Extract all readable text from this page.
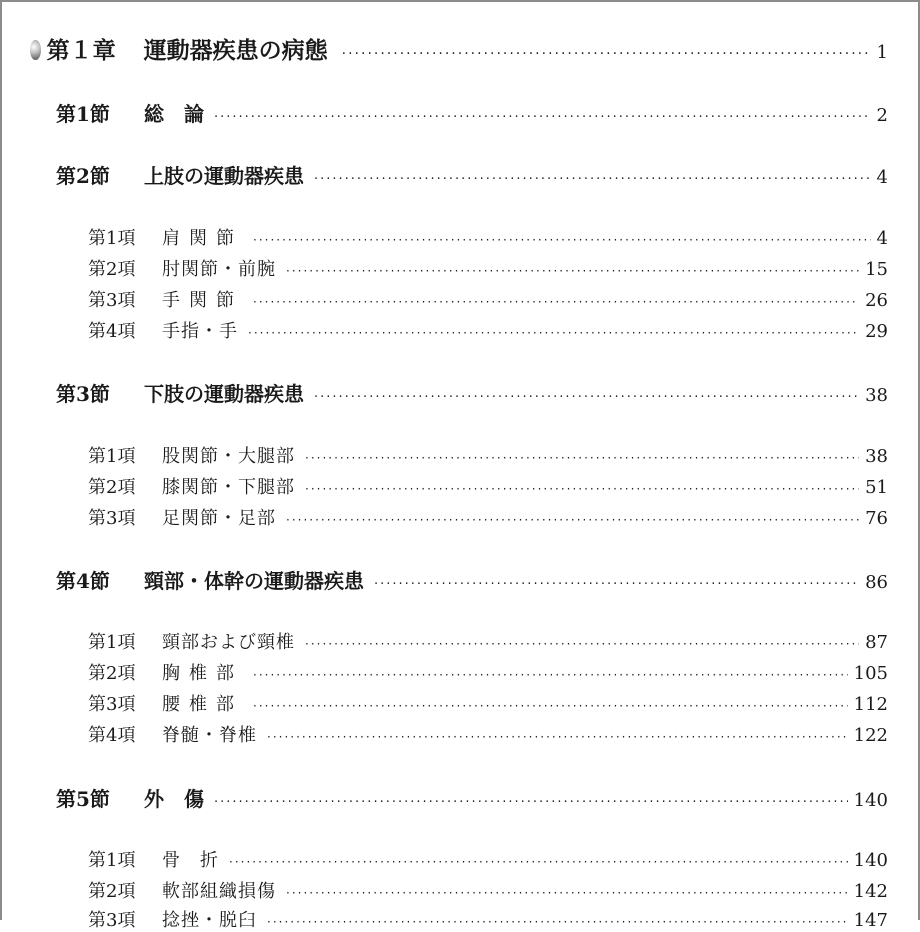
第１章 運動器疾患の病態 ·····	1
第1節 総　論 ·····	2
第2節 上肢の運動器疾患 ·····	4
第1項 肩関節 ·····	4
第2項 肘関節・前腕 ·····	15
第3項 手関節 ·····	26
第4項 手指・手 ·····	29
第3節 下肢の運動器疾患 ·····	38
第1項 股関節・大腿部 ·····	38
第2項 膝関節・下腿部 ·····	51
第3項 足関節・足部 ·····	76
第4節 頸部・体幹の運動器疾患 ·····	86
第1項 頸部および頸椎 ·····	87
第2項 胸椎部 ·····	105
第3項 腰椎部 ·····	112
第4項 脊髄・脊椎 ·····	122
第5節 外　傷 ·····	140
第1項 骨　折 ·····	140
第2項 軟部組織損傷 ·····	142
第3項 捻挫・脱臼 ·····	147
